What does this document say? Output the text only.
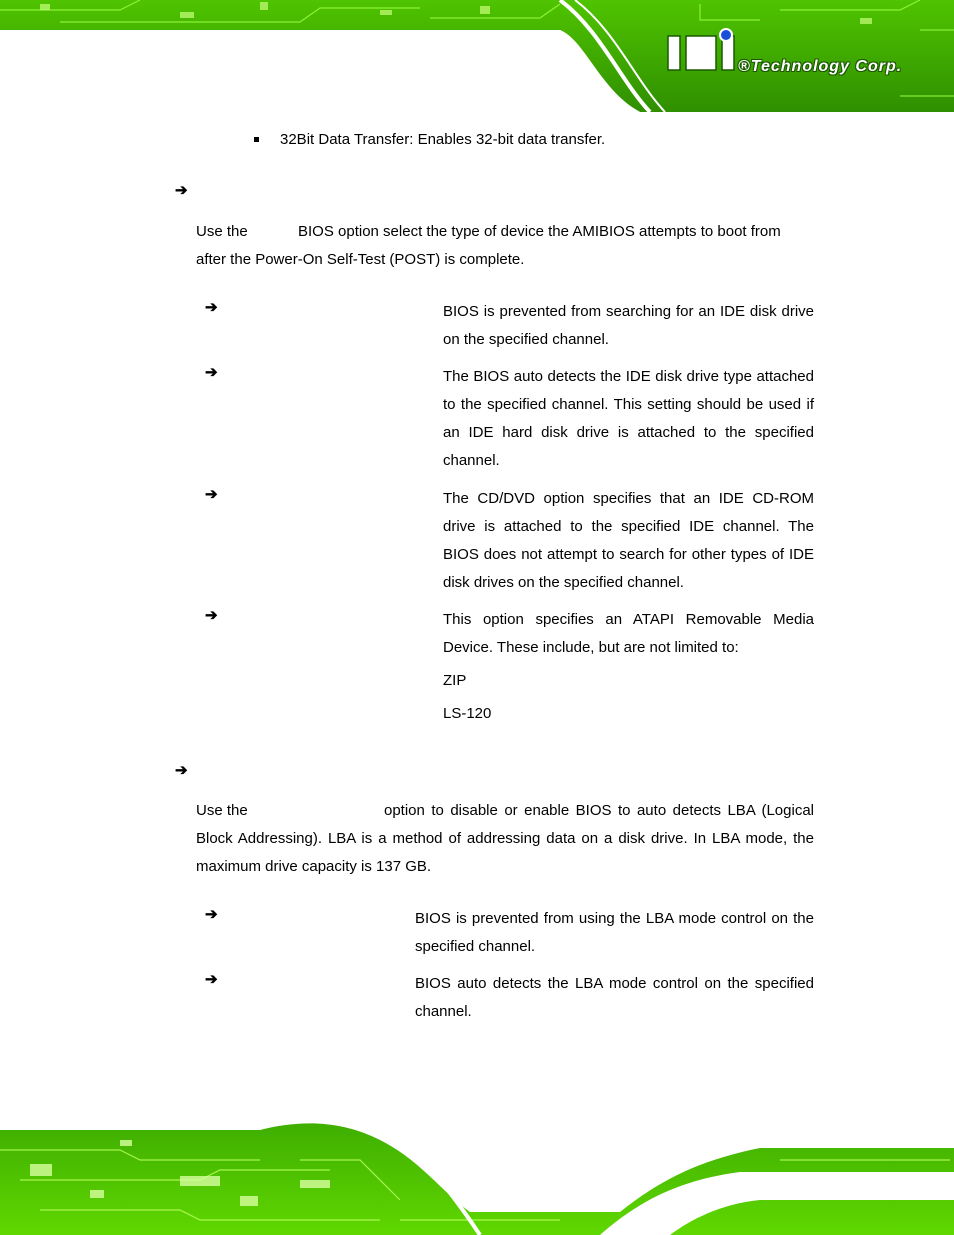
®Technology Corp.
32Bit Data Transfer: Enables 32-bit data transfer.
➔
Use the	BIOS option select the type of device the AMIBIOS attempts to boot from
after the Power-On Self-Test (POST) is complete.
➔	BIOS is prevented from searching for an IDE disk drive on the specified channel.
➔	The BIOS auto detects the IDE disk drive type attached to the specified channel. This setting should be used if an IDE hard disk drive is attached to the specified channel.
➔	The CD/DVD option specifies that an IDE CD-ROM drive is attached to the specified IDE channel. The BIOS does not attempt to search for other types of IDE disk drives on the specified channel.
➔	This option specifies an ATAPI Removable Media Device. These include, but are not limited to:
ZIP
LS-120
➔
Use the	option to disable or enable BIOS to auto detects LBA (Logical Block Addressing). LBA is a method of addressing data on a disk drive. In LBA mode, the maximum drive capacity is 137 GB.
➔	BIOS is prevented from using the LBA mode control on the specified channel.
➔	BIOS auto detects the LBA mode control on the specified channel.
